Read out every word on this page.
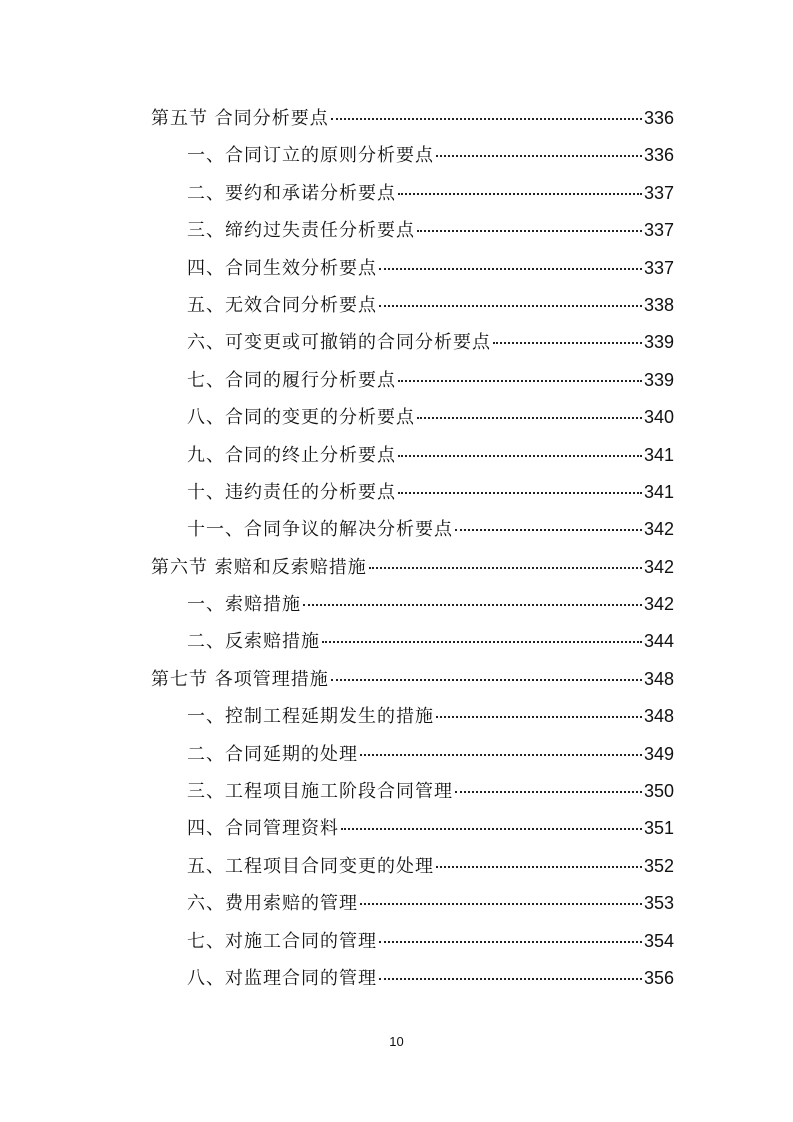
第五节 合同分析要点	336
一、合同订立的原则分析要点	336
二、要约和承诺分析要点	337
三、缔约过失责任分析要点	337
四、合同生效分析要点	337
五、无效合同分析要点	338
六、可变更或可撤销的合同分析要点	339
七、合同的履行分析要点	339
八、合同的变更的分析要点	340
九、合同的终止分析要点	341
十、违约责任的分析要点	341
十一、合同争议的解决分析要点	342
第六节 索赔和反索赔措施	342
一、索赔措施	342
二、反索赔措施	344
第七节 各项管理措施	348
一、控制工程延期发生的措施	348
二、合同延期的处理	349
三、工程项目施工阶段合同管理	350
四、合同管理资料	351
五、工程项目合同变更的处理	352
六、费用索赔的管理	353
七、对施工合同的管理	354
八、对监理合同的管理	356
10
